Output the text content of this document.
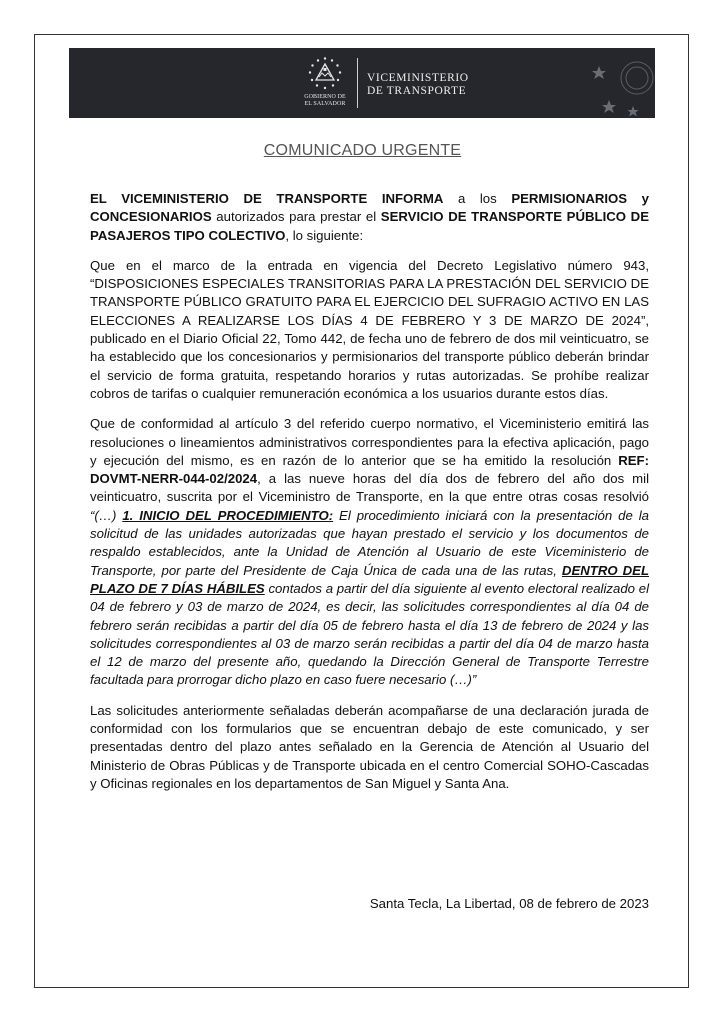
GOBIERNO DE
EL SALVADOR
VICEMINISTERIO
DE TRANSPORTE
COMUNICADO URGENTE

EL VICEMINISTERIO DE TRANSPORTE INFORMA a los PERMISIONARIOS y CONCESIONARIOS autorizados para prestar el SERVICIO DE TRANSPORTE PÚBLICO DE PASAJEROS TIPO COLECTIVO, lo siguiente:

Que en el marco de la entrada en vigencia del Decreto Legislativo número 943, “DISPOSICIONES ESPECIALES TRANSITORIAS PARA LA PRESTACIÓN DEL SERVICIO DE TRANSPORTE PÚBLICO GRATUITO PARA EL EJERCICIO DEL SUFRAGIO ACTIVO EN LAS ELECCIONES A REALIZARSE LOS DÍAS 4 DE FEBRERO Y 3 DE MARZO DE 2024”, publicado en el Diario Oficial 22, Tomo 442, de fecha uno de febrero de dos mil veinticuatro, se ha establecido que los concesionarios y permisionarios del transporte público deberán brindar el servicio de forma gratuita, respetando horarios y rutas autorizadas. Se prohíbe realizar cobros de tarifas o cualquier remuneración económica a los usuarios durante estos días.

Que de conformidad al artículo 3 del referido cuerpo normativo, el Viceministerio emitirá las resoluciones o lineamientos administrativos correspondientes para la efectiva aplicación, pago y ejecución del mismo, es en razón de lo anterior que se ha emitido la resolución REF: DOVMT-NERR-044-02/2024, a las nueve horas del día dos de febrero del año dos mil veinticuatro, suscrita por el Viceministro de Transporte, en la que entre otras cosas resolvió “(…) 1. INICIO DEL PROCEDIMIENTO: El procedimiento iniciará con la presentación de la solicitud de las unidades autorizadas que hayan prestado el servicio y los documentos de respaldo establecidos, ante la Unidad de Atención al Usuario de este Viceministerio de Transporte, por parte del Presidente de Caja Única de cada una de las rutas, DENTRO DEL PLAZO DE 7 DÍAS HÁBILES contados a partir del día siguiente al evento electoral realizado el 04 de febrero y 03 de marzo de 2024, es decir, las solicitudes correspondientes al día 04 de febrero serán recibidas a partir del día 05 de febrero hasta el día 13 de febrero de 2024 y las solicitudes correspondientes al 03 de marzo serán recibidas a partir del día 04 de marzo hasta el 12 de marzo del presente año, quedando la Dirección General de Transporte Terrestre facultada para prorrogar dicho plazo en caso fuere necesario (…)”

Las solicitudes anteriormente señaladas deberán acompañarse de una declaración jurada de conformidad con los formularios que se encuentran debajo de este comunicado, y ser presentadas dentro del plazo antes señalado en la Gerencia de Atención al Usuario del Ministerio de Obras Públicas y de Transporte ubicada en el centro Comercial SOHO-Cascadas y Oficinas regionales en los departamentos de San Miguel y Santa Ana.

Santa Tecla, La Libertad, 08 de febrero de 2023
